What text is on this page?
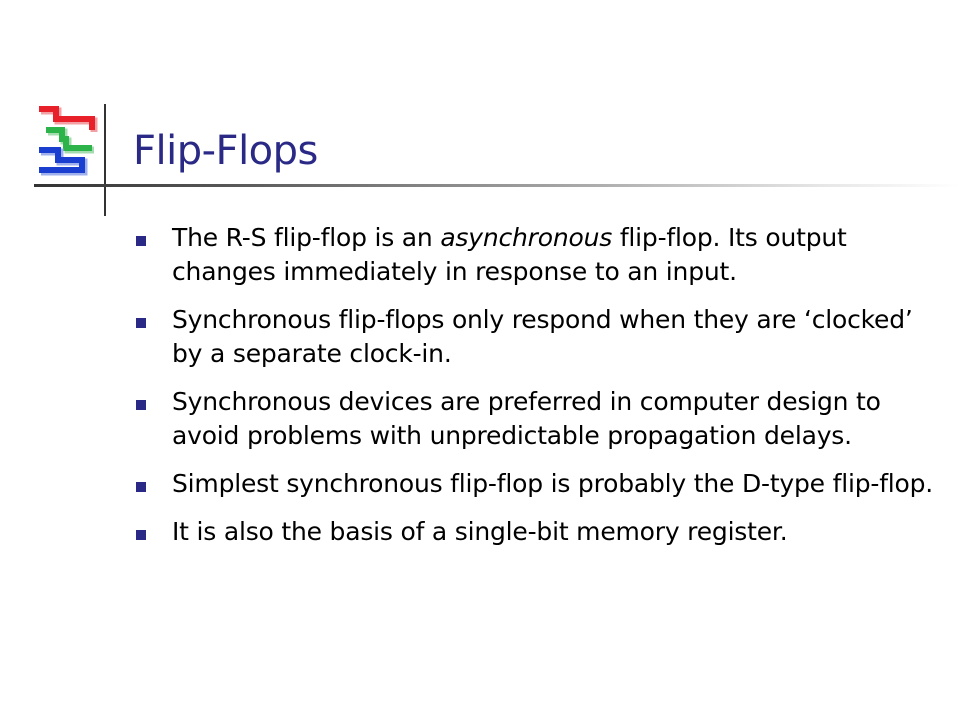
Flip-Flops
The R-S flip-flop is an asynchronous flip-flop. Its output changes immediately in response to an input.
Synchronous flip-flops only respond when they are ‘clocked’ by a separate clock-in.
Synchronous devices are preferred in computer design to avoid problems with unpredictable propagation delays.
Simplest synchronous flip-flop is probably the D-type flip-flop.
It is also the basis of a single-bit memory register.
